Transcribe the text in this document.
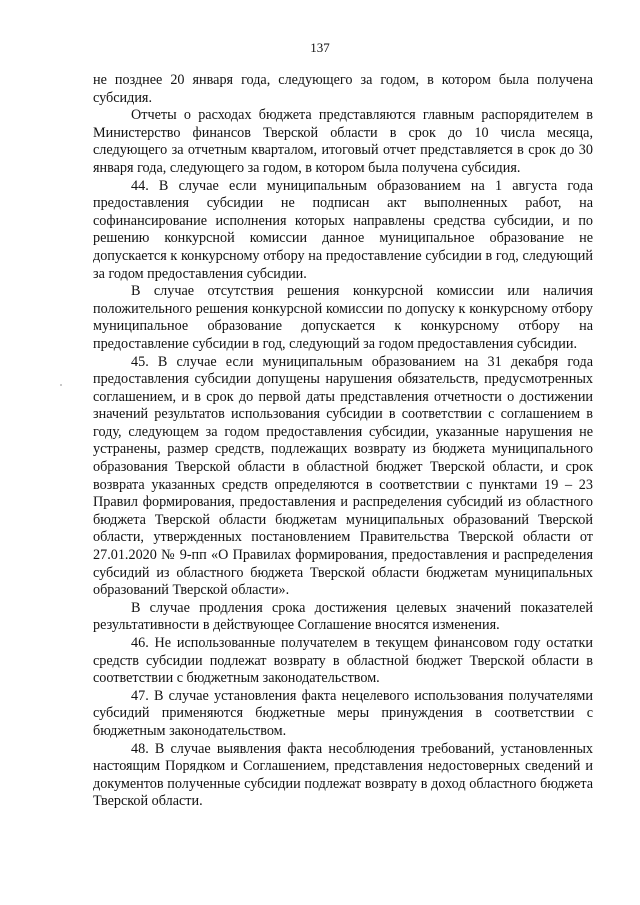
137

не позднее 20 января года, следующего за годом, в котором была получена субсидия.

Отчеты о расходах бюджета представляются главным распорядителем в Министерство финансов Тверской области в срок до 10 числа месяца, следующего за отчетным кварталом, итоговый отчет представляется в срок до 30 января года, следующего за годом, в котором была получена субсидия.

44. В случае если муниципальным образованием на 1 августа года предоставления субсидии не подписан акт выполненных работ, на софинансирование исполнения которых направлены средства субсидии, и по решению конкурсной комиссии данное муниципальное образование не допускается к конкурсному отбору на предоставление субсидии в год, следующий за годом предоставления субсидии.

В случае отсутствия решения конкурсной комиссии или наличия положительного решения конкурсной комиссии по допуску к конкурсному отбору муниципальное образование допускается к конкурсному отбору на предоставление субсидии в год, следующий за годом предоставления субсидии.

45. В случае если муниципальным образованием на 31 декабря года предоставления субсидии допущены нарушения обязательств, предусмотренных соглашением, и в срок до первой даты представления отчетности о достижении значений результатов использования субсидии в соответствии с соглашением в году, следующем за годом предоставления субсидии, указанные нарушения не устранены, размер средств, подлежащих возврату из бюджета муниципального образования Тверской области в областной бюджет Тверской области, и срок возврата указанных средств определяются в соответствии с пунктами 19 – 23 Правил формирования, предоставления и распределения субсидий из областного бюджета Тверской области бюджетам муниципальных образований Тверской области, утвержденных постановлением Правительства Тверской области от 27.01.2020 № 9-пп «О Правилах формирования, предоставления и распределения субсидий из областного бюджета Тверской области бюджетам муниципальных образований Тверской области».

В случае продления срока достижения целевых значений показателей результативности в действующее Соглашение вносятся изменения.

46. Не использованные получателем в текущем финансовом году остатки средств субсидии подлежат возврату в областной бюджет Тверской области в соответствии с бюджетным законодательством.

47. В случае установления факта нецелевого использования получателями субсидий применяются бюджетные меры принуждения в соответствии с бюджетным законодательством.

48. В случае выявления факта несоблюдения требований, установленных настоящим Порядком и Соглашением, представления недостоверных сведений и документов полученные субсидии подлежат возврату в доход областного бюджета Тверской области.
